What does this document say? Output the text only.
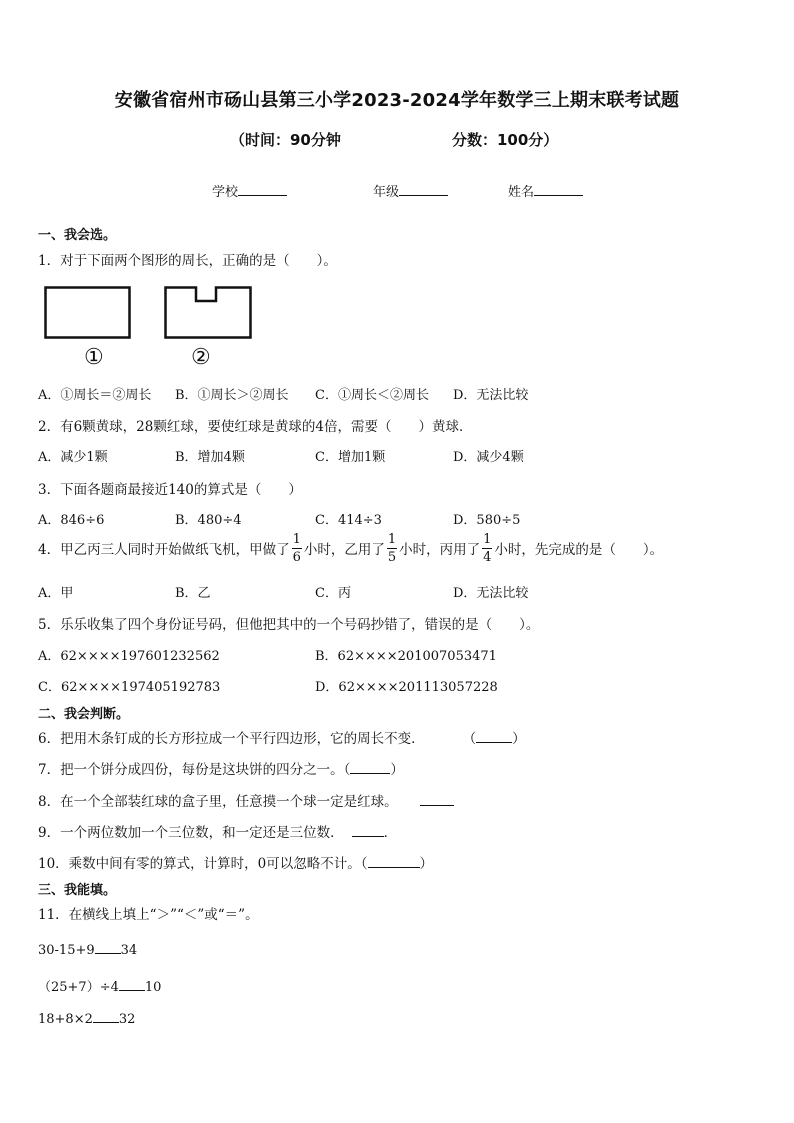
安徽省宿州市砀山县第三小学2023-2024学年数学三上期末联考试题
（时间：90分钟	分数：100分）
学校	年级	姓名
一、我会选。
1．对于下面两个图形的周长，正确的是（　　）。
①	②
A．①周长＝②周长 B．①周长＞②周长 C．①周长＜②周长 D．无法比较
2．有6颗黄球，28颗红球，要使红球是黄球的4倍，需要（　　）黄球．
A．减少1颗	B．增加4颗	C．增加1颗	D．减少4颗
3．下面各题商最接近140的算式是（　　）
A．846÷6	B．480÷4	C．414÷3	D．580÷5
4．甲乙丙三人同时开始做纸飞机，甲做了 $\frac{1}{6}$ 小时，乙用了 $\frac{1}{5}$ 小时，丙用了 $\frac{1}{4}$ 小时，先完成的是（　　）。
A．甲	B．乙	C．丙	D．无法比较
5．乐乐收集了四个身份证号码，但他把其中的一个号码抄错了，错误的是（　　）。
A．62××××197601232562	B．62××××201007053471
C．62××××197405192783	D．62××××201113057228
二、我会判断。
6．把用木条钉成的长方形拉成一个平行四边形，它的周长不变．	（	）
7．把一个饼分成四份，每份是这块饼的四分之一。（	）
8．在一个全部装红球的盒子里，任意摸一个球一定是红球。
9．一个两位数加一个三位数，和一定还是三位数．	．
10．乘数中间有零的算式，计算时，0可以忽略不计。（	）
三、我能填。
11．在横线上填上“＞”“＜”或“＝”。
30-15+9 34
（25+7）÷4 10
18+8×2 32
